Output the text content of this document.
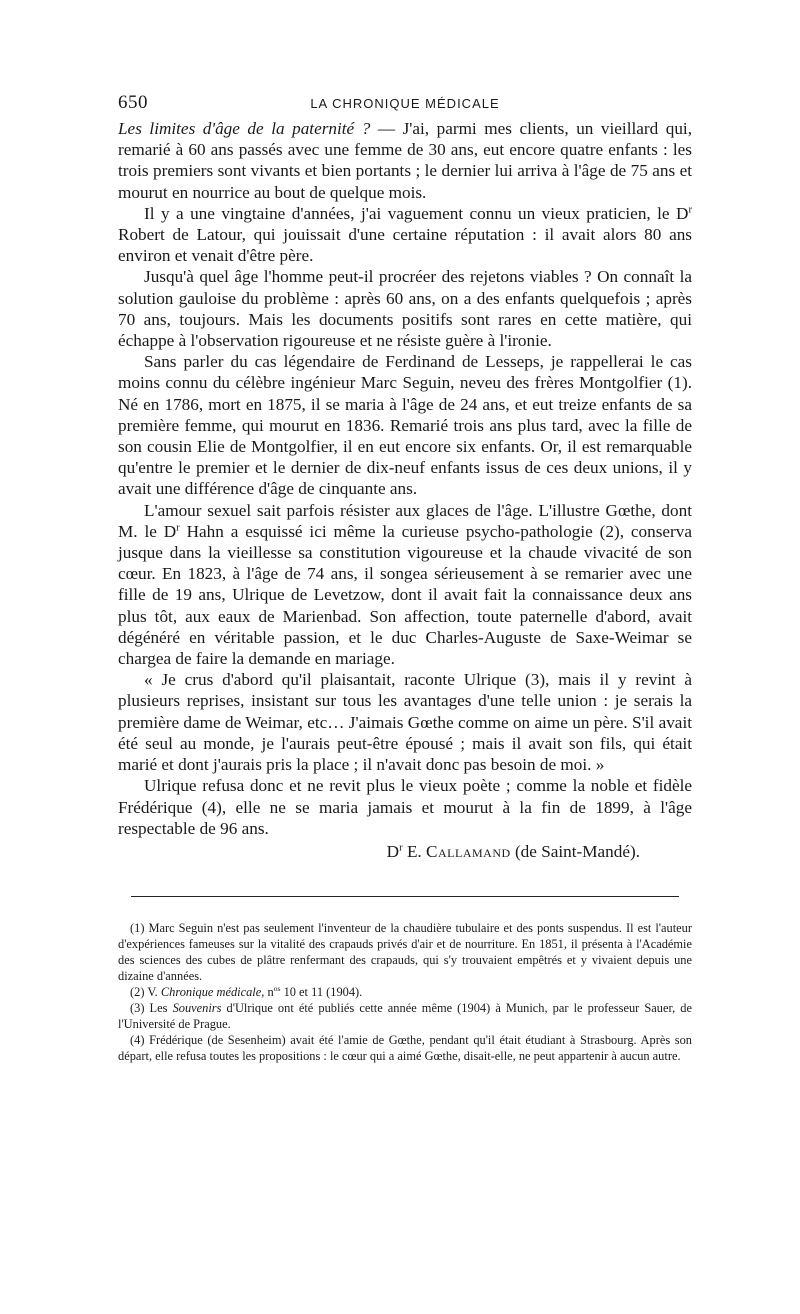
650	LA CHRONIQUE MÉDICALE

Les limites d'âge de la paternité ? — J'ai, parmi mes clients, un vieillard qui, remarié à 60 ans passés avec une femme de 30 ans, eut encore quatre enfants : les trois premiers sont vivants et bien portants ; le dernier lui arriva à l'âge de 75 ans et mourut en nourrice au bout de quelque mois.

Il y a une vingtaine d'années, j'ai vaguement connu un vieux praticien, le $D^r$ Robert de Latour, qui jouissait d'une certaine réputation : il avait alors 80 ans environ et venait d'être père.

Jusqu'à quel âge l'homme peut-il procréer des rejetons viables ? On connaît la solution gauloise du problème : après 60 ans, on a des enfants quelquefois ; après 70 ans, toujours. Mais les documents positifs sont rares en cette matière, qui échappe à l'observation rigoureuse et ne résiste guère à l'ironie.

Sans parler du cas légendaire de Ferdinand de Lesseps, je rappellerai le cas moins connu du célèbre ingénieur Marc Seguin, neveu des frères Montgolfier (1). Né en 1786, mort en 1875, il se maria à l'âge de 24 ans, et eut treize enfants de sa première femme, qui mourut en 1836. Remarié trois ans plus tard, avec la fille de son cousin Elie de Montgolfier, il en eut encore six enfants. Or, il est remarquable qu'entre le premier et le dernier de dix-neuf enfants issus de ces deux unions, il y avait une différence d'âge de cinquante ans.

L'amour sexuel sait parfois résister aux glaces de l'âge. L'illustre Gœthe, dont M. le $D^r$ Hahn a esquissé ici même la curieuse psycho-pathologie (2), conserva jusque dans la vieillesse sa constitution vigoureuse et la chaude vivacité de son cœur. En 1823, à l'âge de 74 ans, il songea sérieusement à se remarier avec une fille de 19 ans, Ulrique de Levetzow, dont il avait fait la connaissance deux ans plus tôt, aux eaux de Marienbad. Son affection, toute paternelle d'abord, avait dégénéré en véritable passion, et le duc Charles-Auguste de Saxe-Weimar se chargea de faire la demande en mariage.

« Je crus d'abord qu'il plaisantait, raconte Ulrique (3), mais il y revint à plusieurs reprises, insistant sur tous les avantages d'une telle union : je serais la première dame de Weimar, etc… J'aimais Gœthe comme on aime un père. S'il avait été seul au monde, je l'aurais peut-être épousé ; mais il avait son fils, qui était marié et dont j'aurais pris la place ; il n'avait donc pas besoin de moi. »

Ulrique refusa donc et ne revit plus le vieux poète ; comme la noble et fidèle Frédérique (4), elle ne se maria jamais et mourut à la fin de 1899, à l'âge respectable de 96 ans.

$D^r$ E. Callamand (de Saint-Mandé).

(1) Marc Seguin n'est pas seulement l'inventeur de la chaudière tubulaire et des ponts suspendus. Il est l'auteur d'expériences fameuses sur la vitalité des crapauds privés d'air et de nourriture. En 1851, il présenta à l'Académie des sciences des cubes de plâtre renfermant des crapauds, qui s'y trouvaient empêtrés et y vivaient depuis une dizaine d'années.

(2) V. Chronique médicale, $n^{os}$ 10 et 11 (1904).

(3) Les Souvenirs d'Ulrique ont été publiés cette année même (1904) à Munich, par le professeur Sauer, de l'Université de Prague.

(4) Frédérique (de Sesenheim) avait été l'amie de Gœthe, pendant qu'il était étudiant à Strasbourg. Après son départ, elle refusa toutes les propositions : le cœur qui a aimé Gœthe, disait-elle, ne peut appartenir à aucun autre.
